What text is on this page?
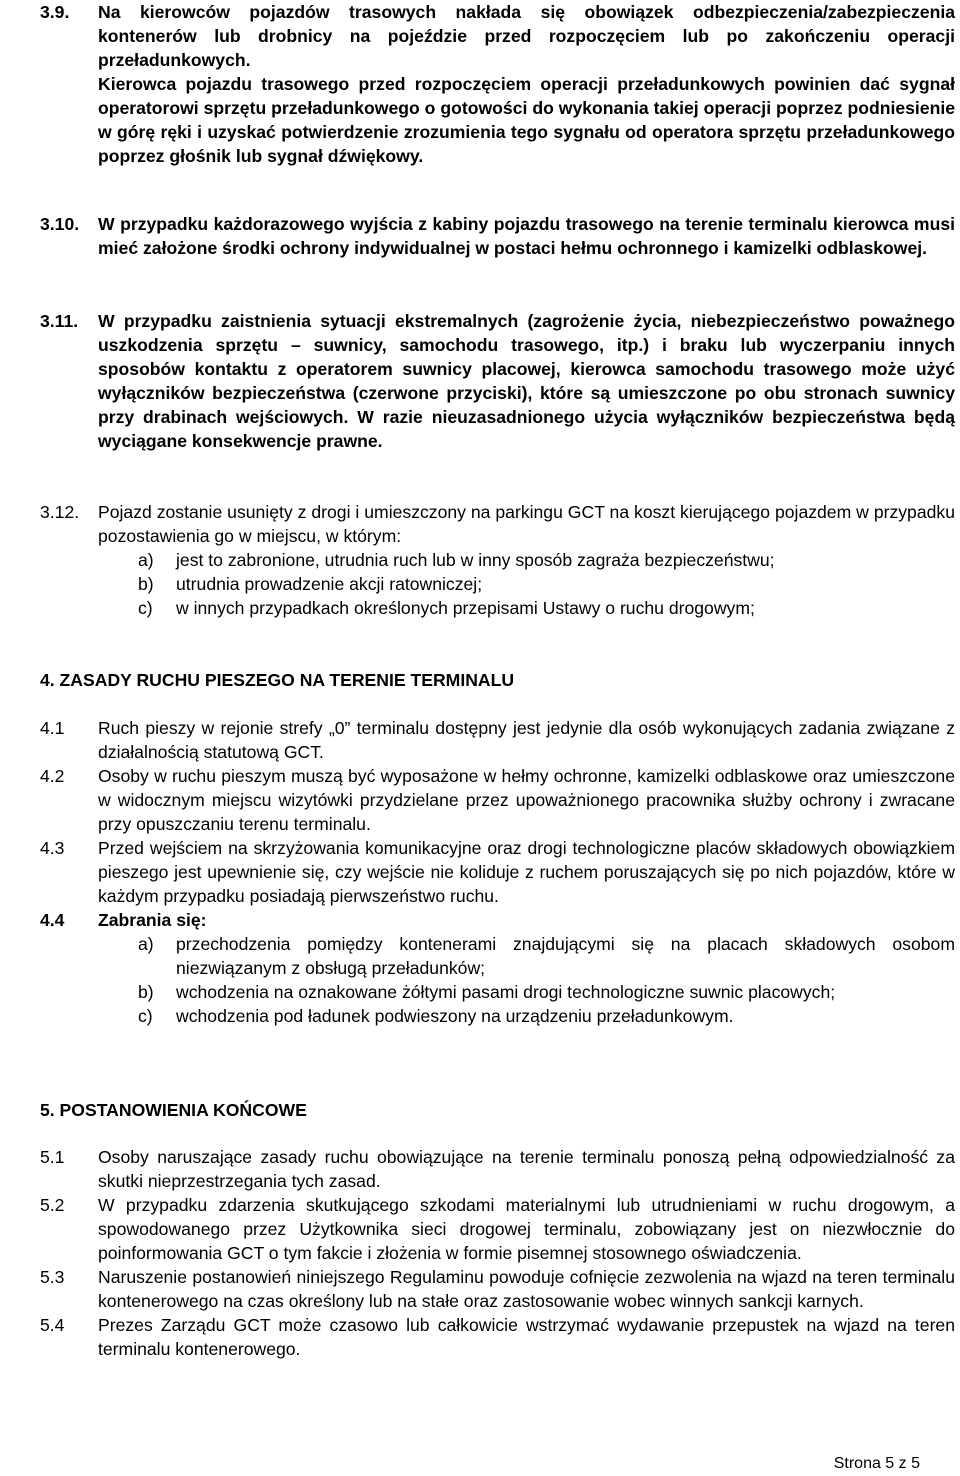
3.9. Na kierowców pojazdów trasowych nakłada się obowiązek odbezpieczenia/zabezpieczenia kontenerów lub drobnicy na pojeździe przed rozpoczęciem lub po zakończeniu operacji przeładunkowych.
Kierowca pojazdu trasowego przed rozpoczęciem operacji przeładunkowych powinien dać sygnał operatorowi sprzętu przeładunkowego o gotowości do wykonania takiej operacji poprzez podniesienie w górę ręki i uzyskać potwierdzenie zrozumienia tego sygnału od operatora sprzętu przeładunkowego poprzez głośnik lub sygnał dźwiękowy.
3.10. W przypadku każdorazowego wyjścia z kabiny pojazdu trasowego na terenie terminalu kierowca musi mieć założone środki ochrony indywidualnej w postaci hełmu ochronnego i kamizelki odblaskowej.
3.11. W przypadku zaistnienia sytuacji ekstremalnych (zagrożenie życia, niebezpieczeństwo poważnego uszkodzenia sprzętu – suwnicy, samochodu trasowego, itp.) i braku lub wyczerpaniu innych sposobów kontaktu z operatorem suwnicy placowej, kierowca samochodu trasowego może użyć wyłączników bezpieczeństwa (czerwone przyciski), które są umieszczone po obu stronach suwnicy przy drabinach wejściowych. W razie nieuzasadnionego użycia wyłączników bezpieczeństwa będą wyciągane konsekwencje prawne.
3.12. Pojazd zostanie usunięty z drogi i umieszczony na parkingu GCT na koszt kierującego pojazdem w przypadku pozostawienia go w miejscu, w którym:
a) jest to zabronione, utrudnia ruch lub w inny sposób zagraża bezpieczeństwu;
b) utrudnia prowadzenie akcji ratowniczej;
c) w innych przypadkach określonych przepisami Ustawy o ruchu drogowym;
4. ZASADY RUCHU PIESZEGO NA TERENIE TERMINALU
4.1 Ruch pieszy w rejonie strefy „0” terminalu dostępny jest jedynie dla osób wykonujących zadania związane z działalnością statutową GCT.
4.2 Osoby w ruchu pieszym muszą być wyposażone w hełmy ochronne, kamizelki odblaskowe oraz umieszczone w widocznym miejscu wizytówki przydzielane przez upoważnionego pracownika służby ochrony i zwracane przy opuszczaniu terenu terminalu.
4.3 Przed wejściem na skrzyżowania komunikacyjne oraz drogi technologiczne placów składowych obowiązkiem pieszego jest upewnienie się, czy wejście nie koliduje z ruchem poruszających się po nich pojazdów, które w każdym przypadku posiadają pierwszeństwo ruchu.
4.4 Zabrania się:
a) przechodzenia pomiędzy kontenerami znajdującymi się na placach składowych osobom niezwiązanym z obsługą przeładunków;
b) wchodzenia na oznakowane żółtymi pasami drogi technologiczne suwnic placowych;
c) wchodzenia pod ładunek podwieszony na urządzeniu przeładunkowym.
5. POSTANOWIENIA KOŃCOWE
5.1 Osoby naruszające zasady ruchu obowiązujące na terenie terminalu ponoszą pełną odpowiedzialność za skutki nieprzestrzegania tych zasad.
5.2 W przypadku zdarzenia skutkującego szkodami materialnymi lub utrudnieniami w ruchu drogowym, a spowodowanego przez Użytkownika sieci drogowej terminalu, zobowiązany jest on niezwłocznie do poinformowania GCT o tym fakcie i złożenia w formie pisemnej stosownego oświadczenia.
5.3 Naruszenie postanowień niniejszego Regulaminu powoduje cofnięcie zezwolenia na wjazd na teren terminalu kontenerowego na czas określony lub na stałe oraz zastosowanie wobec winnych sankcji karnych.
5.4 Prezes Zarządu GCT może czasowo lub całkowicie wstrzymać wydawanie przepustek na wjazd na teren terminalu kontenerowego.
Strona 5 z 5
